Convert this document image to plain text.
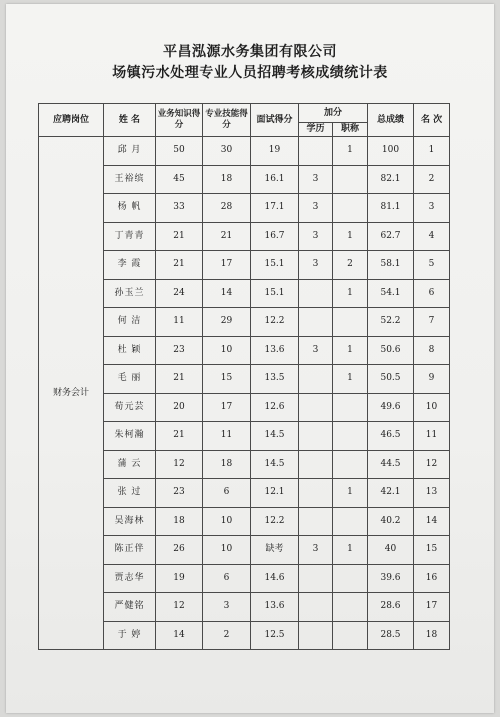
平昌泓源水务集团有限公司
场镇污水处理专业人员招聘考核成绩统计表
应聘岗位	姓 名	业务知识得分	专业技能得分	面试得分	加分		总成绩	名 次
					学历	职称		
财务会计	邱 月	50	30	19		1	100	1
	王裕缤	45	18	16.1	3		82.1	2
	杨 帆	33	28	17.1	3		81.1	3
	丁青青	21	21	16.7	3	1	62.7	4
	李 霞	21	17	15.1	3	2	58.1	5
	孙玉兰	24	14	15.1		1	54.1	6
	何 洁	11	29	12.2			52.2	7
	杜 颖	23	10	13.6	3	1	50.6	8
	毛 丽	21	15	13.5		1	50.5	9
	荀元芸	20	17	12.6			49.6	10
	朱柯瀚	21	11	14.5			46.5	11
	蒲 云	12	18	14.5			44.5	12
	张 过	23	6	12.1		1	42.1	13
	吴海林	18	10	12.2			40.2	14
	陈正伴	26	10	缺考	3	1	40	15
	贾志华	19	6	14.6			39.6	16
	严健铭	12	3	13.6			28.6	17
	于 婷	14	2	12.5			28.5	18
